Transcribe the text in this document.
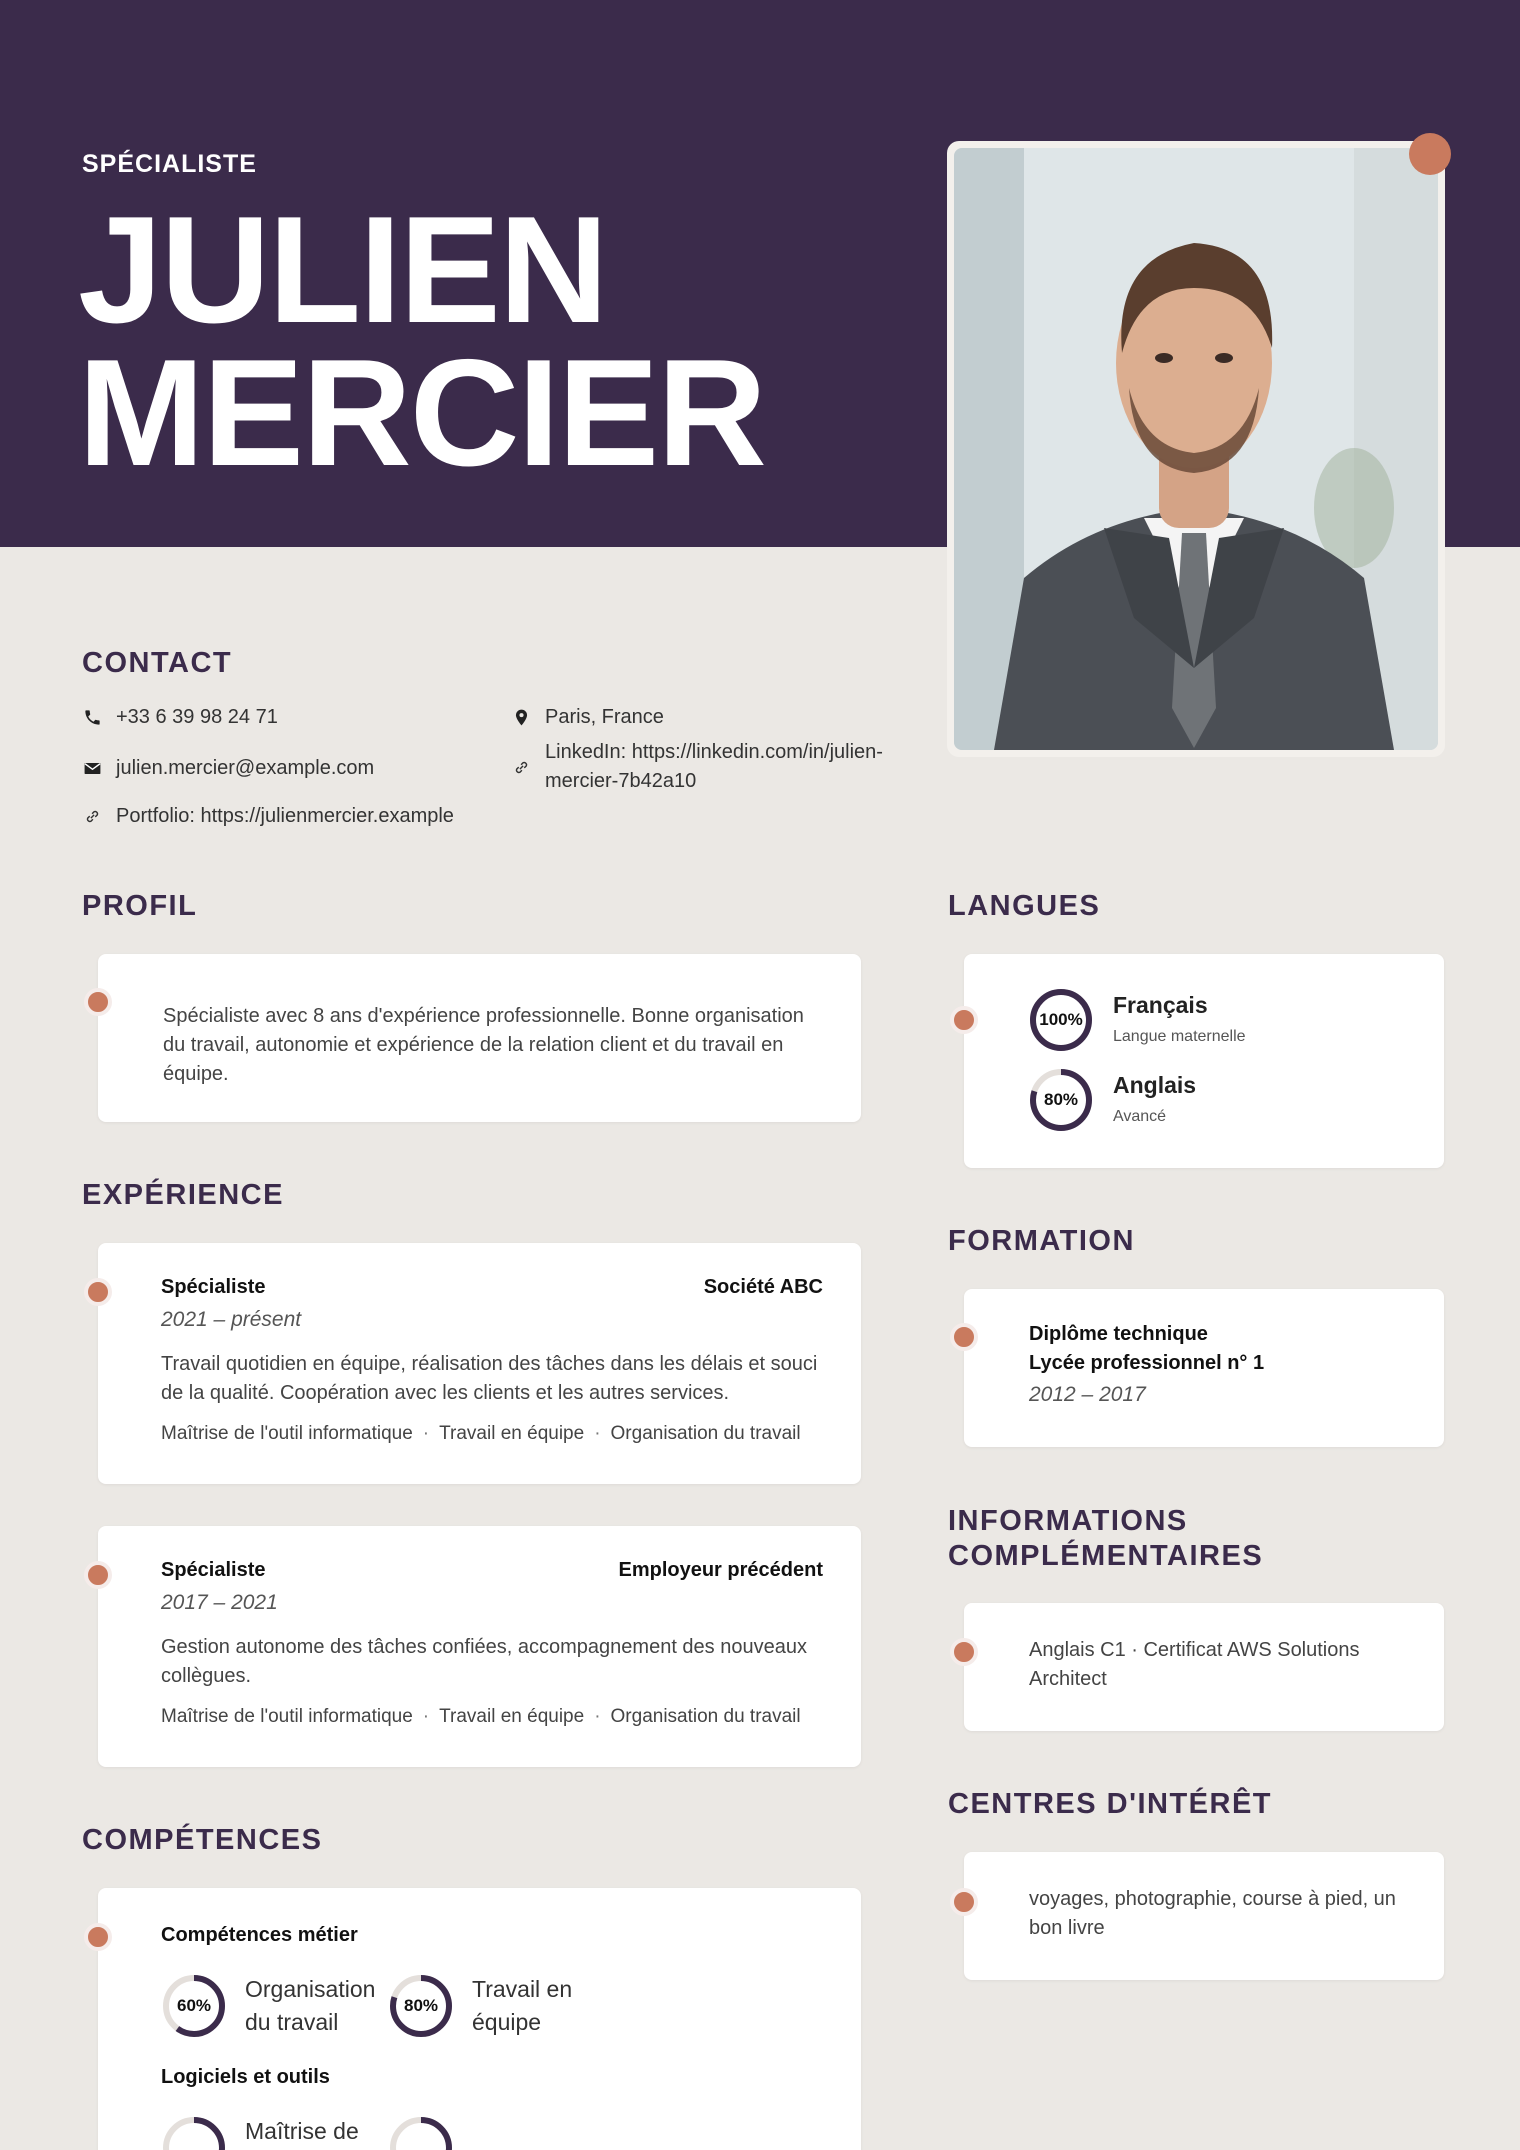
SPÉCIALISTE
JULIEN
MERCIER
CONTACT
+33 6 39 98 24 71
julien.mercier@example.com
Portfolio: https://julienmercier.example
Paris, France
LinkedIn: https://linkedin.com/in/julien-
mercier-7b42a10
PROFIL
Spécialiste avec 8 ans d'expérience professionnelle. Bonne organisation du travail, autonomie et expérience de la relation client et du travail en équipe.
EXPÉRIENCE
Spécialiste	Société ABC
2021 – présent
Travail quotidien en équipe, réalisation des tâches dans les délais et souci de la qualité. Coopération avec les clients et les autres services.
Maîtrise de l'outil informatique · Travail en équipe · Organisation du travail
Spécialiste	Employeur précédent
2017 – 2021
Gestion autonome des tâches confiées, accompagnement des nouveaux collègues.
Maîtrise de l'outil informatique · Travail en équipe · Organisation du travail
COMPÉTENCES
Compétences métier
60%
Organisation
du travail
80%
Travail en
équipe
Logiciels et outils
Maîtrise de
LANGUES
100%
Français
Langue maternelle
80%
Anglais
Avancé
FORMATION
Diplôme technique
Lycée professionnel n° 1
2012 – 2017
INFORMATIONS
COMPLÉMENTAIRES
Anglais C1 · Certificat AWS Solutions Architect
CENTRES D'INTÉRÊT
voyages, photographie, course à pied, un bon livre
